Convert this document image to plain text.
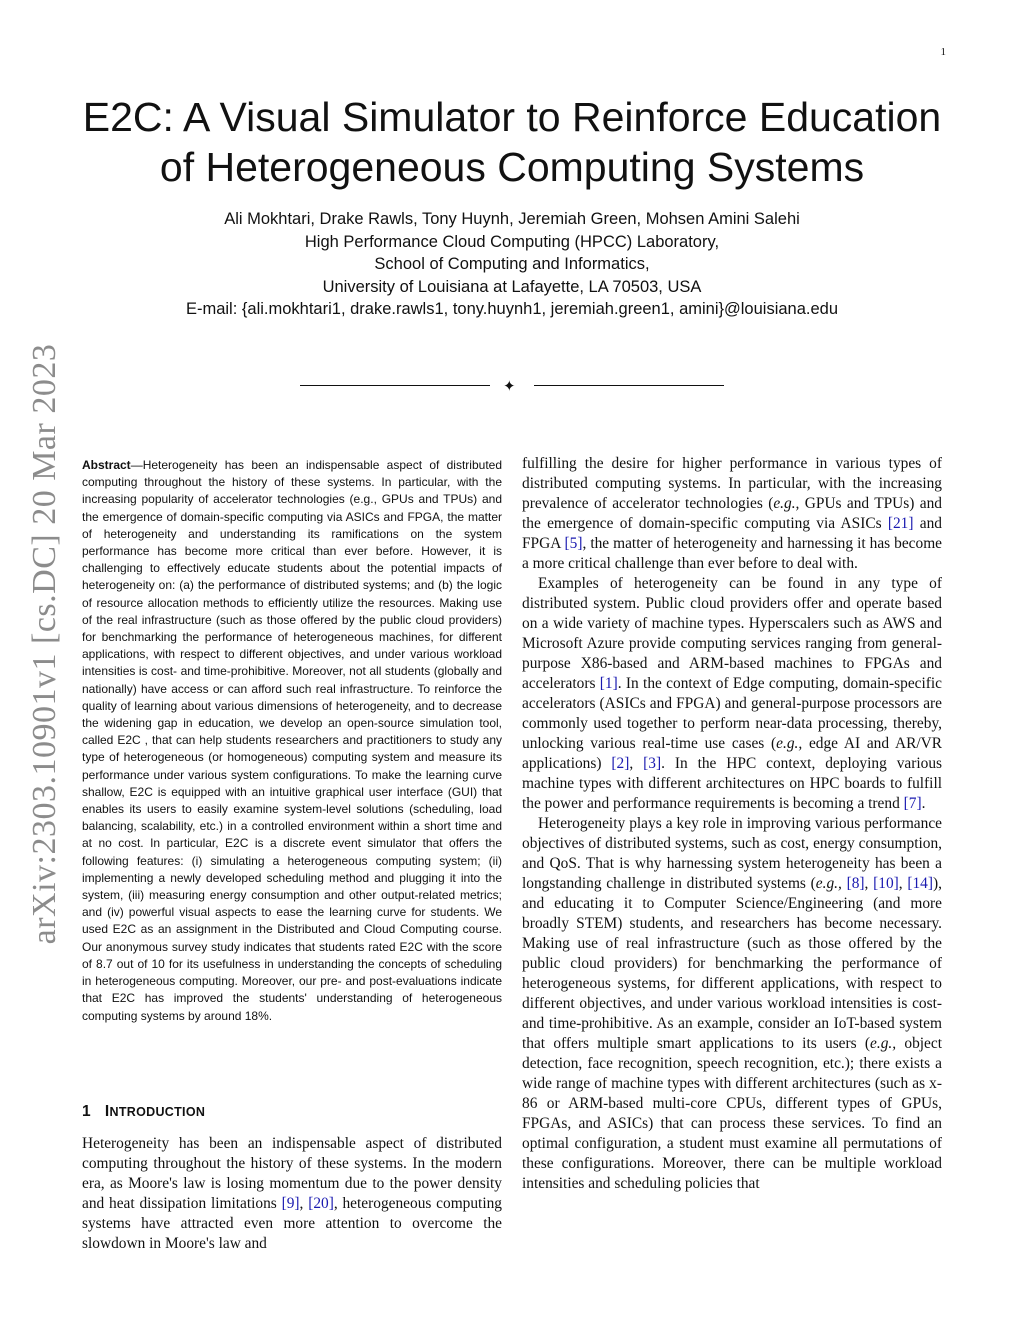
1
arXiv:2303.10901v1 [cs.DC] 20 Mar 2023
E2C: A Visual Simulator to Reinforce Education
of Heterogeneous Computing Systems
Ali Mokhtari, Drake Rawls, Tony Huynh, Jeremiah Green, Mohsen Amini Salehi
High Performance Cloud Computing (HPCC) Laboratory,
School of Computing and Informatics,
University of Louisiana at Lafayette, LA 70503, USA
E-mail: {ali.mokhtari1, drake.rawls1, tony.huynh1, jeremiah.green1, amini}@louisiana.edu
✦
Abstract—Heterogeneity has been an indispensable aspect of distributed computing throughout the history of these systems. In particular, with the increasing popularity of accelerator technologies (e.g., GPUs and TPUs) and the emergence of domain-specific computing via ASICs and FPGA, the matter of heterogeneity and understanding its ramifications on the system performance has become more critical than ever before. However, it is challenging to effectively educate students about the potential impacts of heterogeneity on: (a) the performance of distributed systems; and (b) the logic of resource allocation methods to efficiently utilize the resources. Making use of the real infrastructure (such as those offered by the public cloud providers) for benchmarking the performance of heterogeneous machines, for different applications, with respect to different objectives, and under various workload intensities is cost- and time-prohibitive. Moreover, not all students (globally and nationally) have access or can afford such real infrastructure. To reinforce the quality of learning about various dimensions of heterogeneity, and to decrease the widening gap in education, we develop an open-source simulation tool, called E2C , that can help students researchers and practitioners to study any type of heterogeneous (or homogeneous) computing system and measure its performance under various system configurations. To make the learning curve shallow, E2C is equipped with an intuitive graphical user interface (GUI) that enables its users to easily examine system-level solutions (scheduling, load balancing, scalability, etc.) in a controlled environment within a short time and at no cost. In particular, E2C is a discrete event simulator that offers the following features: (i) simulating a heterogeneous computing system; (ii) implementing a newly developed scheduling method and plugging it into the system, (iii) measuring energy consumption and other output-related metrics; and (iv) powerful visual aspects to ease the learning curve for students. We used E2C as an assignment in the Distributed and Cloud Computing course. Our anonymous survey study indicates that students rated E2C with the score of 8.7 out of 10 for its usefulness in understanding the concepts of scheduling in heterogeneous computing. Moreover, our pre- and post-evaluations indicate that E2C has improved the students' understanding of heterogeneous computing systems by around 18%.
1 INTRODUCTION
Heterogeneity has been an indispensable aspect of distributed computing throughout the history of these systems. In the modern era, as Moore's law is losing momentum due to the power density and heat dissipation limitations [9], [20], heterogeneous computing systems have attracted even more attention to overcome the slowdown in Moore's law and

fulfilling the desire for higher performance in various types of distributed computing systems. In particular, with the increasing prevalence of accelerator technologies (e.g., GPUs and TPUs) and the emergence of domain-specific computing via ASICs [21] and FPGA [5], the matter of heterogeneity and harnessing it has become a more critical challenge than ever before to deal with.

Examples of heterogeneity can be found in any type of distributed system. Public cloud providers offer and operate based on a wide variety of machine types. Hyperscalers such as AWS and Microsoft Azure provide computing services ranging from general-purpose X86-based and ARM-based machines to FPGAs and accelerators [1]. In the context of Edge computing, domain-specific accelerators (ASICs and FPGA) and general-purpose processors are commonly used together to perform near-data processing, thereby, unlocking various real-time use cases (e.g., edge AI and AR/VR applications) [2], [3]. In the HPC context, deploying various machine types with different architectures on HPC boards to fulfill the power and performance requirements is becoming a trend [7].

Heterogeneity plays a key role in improving various performance objectives of distributed systems, such as cost, energy consumption, and QoS. That is why harnessing system heterogeneity has been a longstanding challenge in distributed systems (e.g., [8], [10], [14]), and educating it to Computer Science/Engineering (and more broadly STEM) students, and researchers has become necessary. Making use of real infrastructure (such as those offered by the public cloud providers) for benchmarking the performance of heterogeneous systems, for different applications, with respect to different objectives, and under various workload intensities is cost- and time-prohibitive. As an example, consider an IoT-based system that offers multiple smart applications to its users (e.g., object detection, face recognition, speech recognition, etc.); there exists a wide range of machine types with different architectures (such as x-86 or ARM-based multi-core CPUs, different types of GPUs, FPGAs, and ASICs) that can process these services. To find an optimal configuration, a student must examine all permutations of these configurations. Moreover, there can be multiple workload intensities and scheduling policies that
